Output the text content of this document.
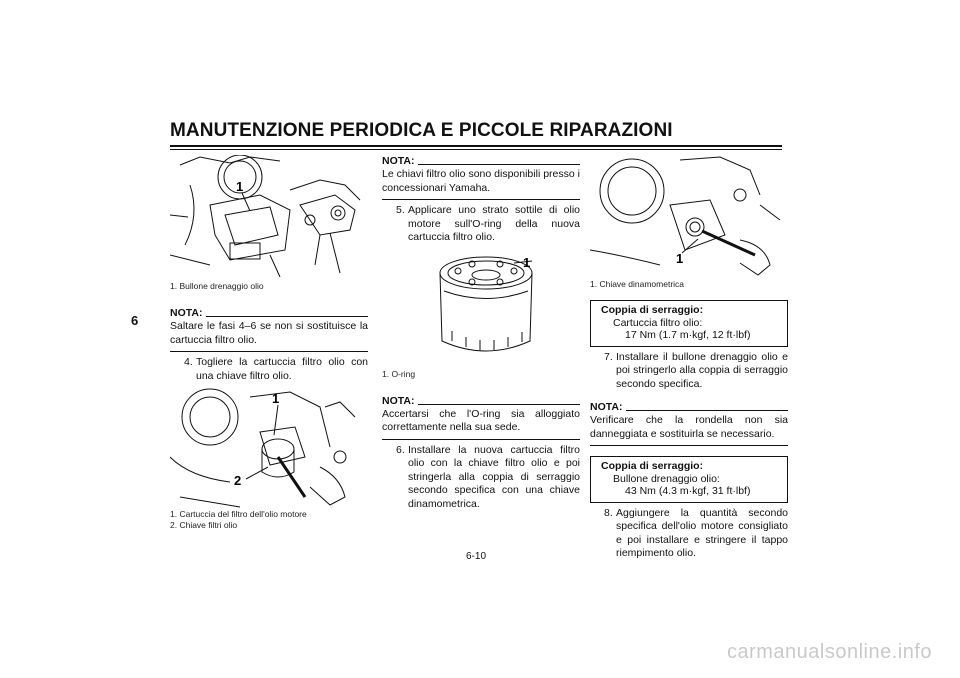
MANUTENZIONE PERIODICA E PICCOLE RIPARAZIONI
6
1
1. Bullone drenaggio olio
NOTA:
Saltare le fasi 4–6 se non si sostituisce la cartuccia filtro olio.
4. Togliere la cartuccia filtro olio con una chiave filtro olio.
1
2
1. Cartuccia del filtro dell'olio motore
2. Chiave filtri olio
NOTA:
Le chiavi filtro olio sono disponibili presso i concessionari Yamaha.
5. Applicare uno strato sottile di olio motore sull'O-ring della nuova cartuccia filtro olio.
1
1. O-ring
NOTA:
Accertarsi che l'O-ring sia alloggiato correttamente nella sua sede.
6. Installare la nuova cartuccia filtro olio con la chiave filtro olio e poi stringerla alla coppia di serraggio secondo specifica con una chiave dinamometrica.
1
1. Chiave dinamometrica
Coppia di serraggio:
Cartuccia filtro olio:
17 Nm (1.7 m·kgf, 12 ft·lbf)
7. Installare il bullone drenaggio olio e poi stringerlo alla coppia di serraggio secondo specifica.
NOTA:
Verificare che la rondella non sia danneggiata e sostituirla se necessario.
Coppia di serraggio:
Bullone drenaggio olio:
43 Nm (4.3 m·kgf, 31 ft·lbf)
8. Aggiungere la quantità secondo specifica dell'olio motore consigliato e poi installare e stringere il tappo riempimento olio.
6-10
carmanualsonline.info
